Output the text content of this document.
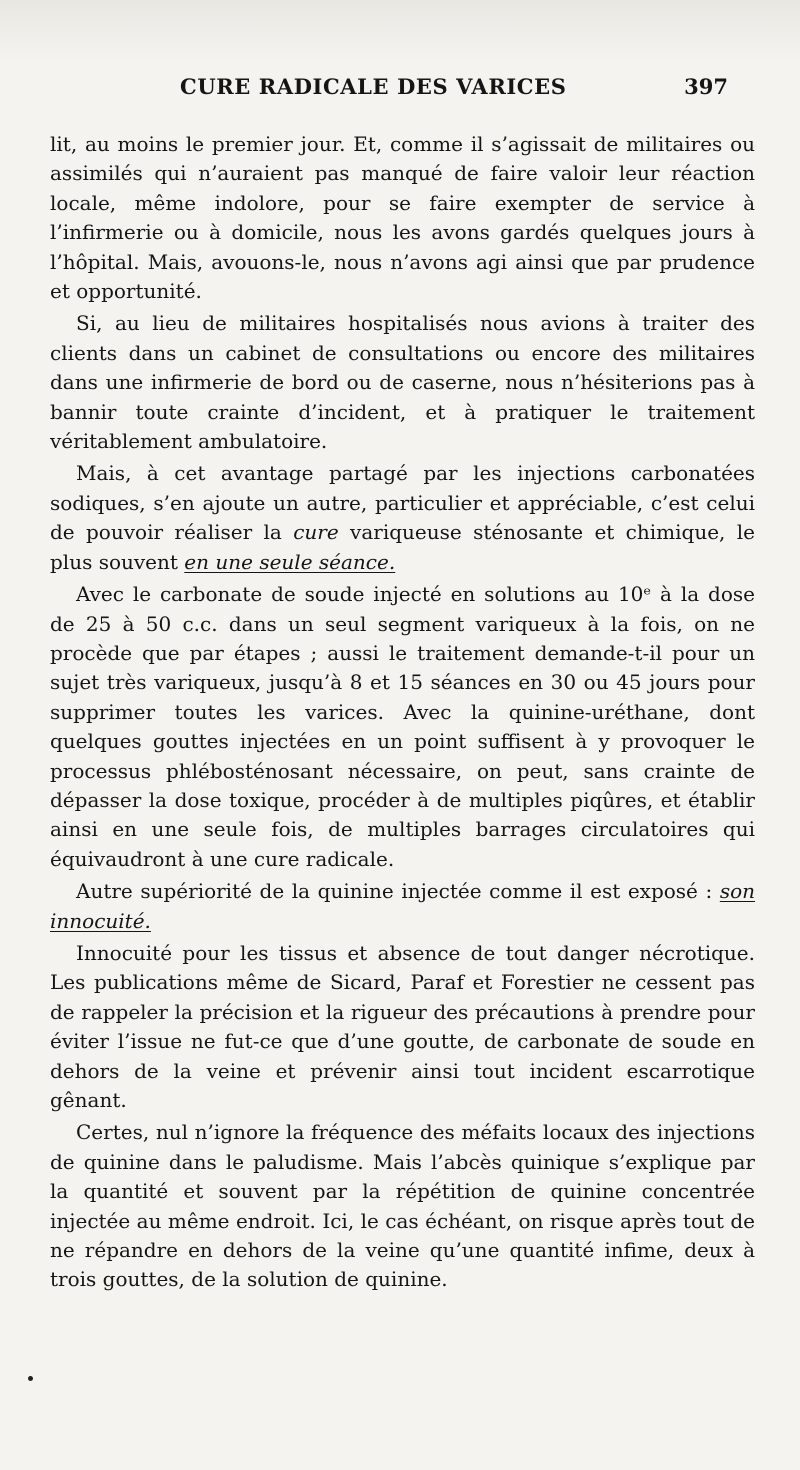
CURE RADICALE DES VARICES	397

lit, au moins le premier jour. Et, comme il s’agissait de militaires ou assimilés qui n’auraient pas manqué de faire valoir leur réaction locale, même indolore, pour se faire exempter de service à l’infirmerie ou à domicile, nous les avons gardés quelques jours à l’hôpital. Mais, avouons-le, nous n’avons agi ainsi que par prudence et opportunité.

Si, au lieu de militaires hospitalisés nous avions à traiter des clients dans un cabinet de consultations ou encore des militaires dans une infirmerie de bord ou de caserne, nous n’hésiterions pas à bannir toute crainte d’incident, et à pratiquer le traitement véritablement ambulatoire.

Mais, à cet avantage partagé par les injections carbonatées sodiques, s’en ajoute un autre, particulier et appréciable, c’est celui de pouvoir réaliser la cure variqueuse sténosante et chimique, le plus souvent en une seule séance.

Avec le carbonate de soude injecté en solutions au 10ᵉ à la dose de 25 à 50 c.c. dans un seul segment variqueux à la fois, on ne procède que par étapes ; aussi le traitement demande-t-il pour un sujet très variqueux, jusqu’à 8 et 15 séances en 30 ou 45 jours pour supprimer toutes les varices. Avec la quinine-uréthane, dont quelques gouttes injectées en un point suffisent à y provoquer le processus phlébosténosant nécessaire, on peut, sans crainte de dépasser la dose toxique, procéder à de multiples piqûres, et établir ainsi en une seule fois, de multiples barrages circulatoires qui équivaudront à une cure radicale.

Autre supériorité de la quinine injectée comme il est exposé : son innocuité.

Innocuité pour les tissus et absence de tout danger nécrotique. Les publications même de Sicard, Paraf et Forestier ne cessent pas de rappeler la précision et la rigueur des précautions à prendre pour éviter l’issue ne fut-ce que d’une goutte, de carbonate de soude en dehors de la veine et prévenir ainsi tout incident escarrotique gênant.

Certes, nul n’ignore la fréquence des méfaits locaux des injections de quinine dans le paludisme. Mais l’abcès quinique s’explique par la quantité et souvent par la répétition de quinine concentrée injectée au même endroit. Ici, le cas échéant, on risque après tout de ne répandre en dehors de la veine qu’une quantité infime, deux à trois gouttes, de la solution de quinine.
